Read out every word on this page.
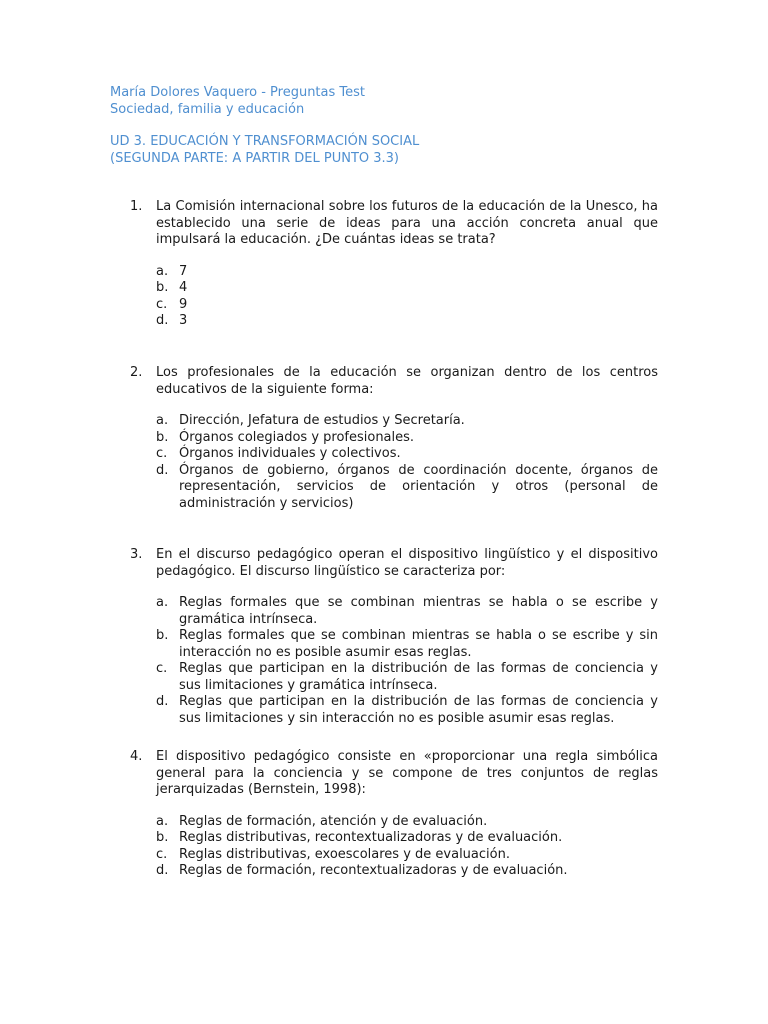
María Dolores Vaquero - Preguntas Test
Sociedad, familia y educación
UD 3. EDUCACIÓN Y TRANSFORMACIÓN SOCIAL
(SEGUNDA PARTE: A PARTIR DEL PUNTO 3.3)
1.	La Comisión internacional sobre los futuros de la educación de la Unesco, ha establecido una serie de ideas para una acción concreta anual que impulsará la educación. ¿De cuántas ideas se trata?
a. 7
b. 4
c. 9
d. 3
2.	Los profesionales de la educación se organizan dentro de los centros educativos de la siguiente forma:
a. Dirección, Jefatura de estudios y Secretaría.
b. Órganos colegiados y profesionales.
c. Órganos individuales y colectivos.
d. Órganos de gobierno, órganos de coordinación docente, órganos de representación, servicios de orientación y otros (personal de administración y servicios)
3.	En el discurso pedagógico operan el dispositivo lingüístico y el dispositivo pedagógico. El discurso lingüístico se caracteriza por:
a. Reglas formales que se combinan mientras se habla o se escribe y gramática intrínseca.
b. Reglas formales que se combinan mientras se habla o se escribe y sin interacción no es posible asumir esas reglas.
c. Reglas que participan en la distribución de las formas de conciencia y sus limitaciones y gramática intrínseca.
d. Reglas que participan en la distribución de las formas de conciencia y sus limitaciones y sin interacción no es posible asumir esas reglas.
4.	El dispositivo pedagógico consiste en «proporcionar una regla simbólica general para la conciencia y se compone de tres conjuntos de reglas jerarquizadas (Bernstein, 1998):
a. Reglas de formación, atención y de evaluación.
b. Reglas distributivas, recontextualizadoras y de evaluación.
c. Reglas distributivas, exoescolares y de evaluación.
d. Reglas de formación, recontextualizadoras y de evaluación.
